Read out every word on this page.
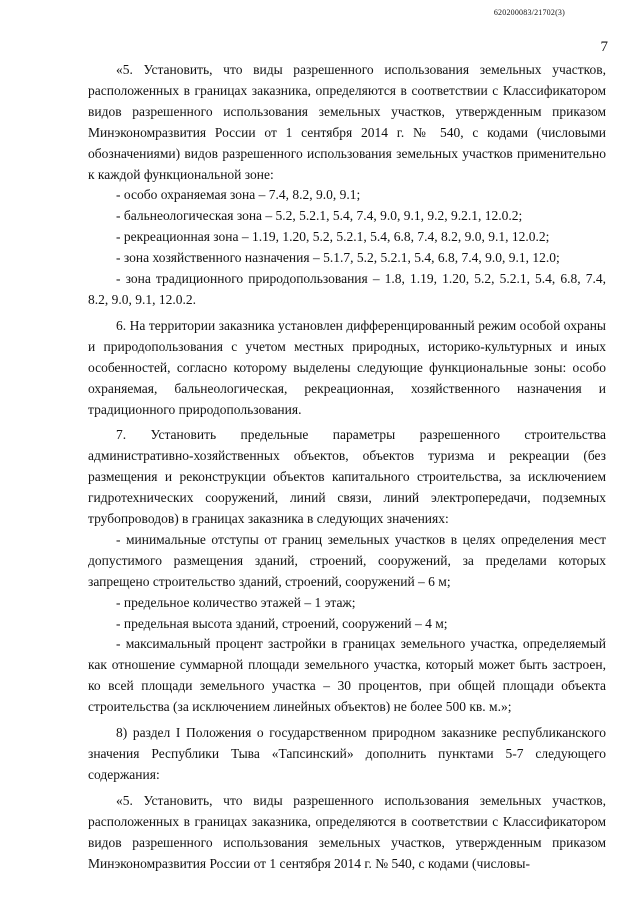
620200083/21702(3)
7

«5. Установить, что виды разрешенного использования земельных участков, расположенных в границах заказника, определяются в соответствии с Классификатором видов разрешенного использования земельных участков, утвержденным приказом Минэкономразвития России от 1 сентября 2014 г. № 540, с кодами (числовыми обозначениями) видов разрешенного использования земельных участков применительно к каждой функциональной зоне:

- особо охраняемая зона – 7.4, 8.2, 9.0, 9.1;

- бальнеологическая зона – 5.2, 5.2.1, 5.4, 7.4, 9.0, 9.1, 9.2, 9.2.1, 12.0.2;

- рекреационная зона – 1.19, 1.20, 5.2, 5.2.1, 5.4, 6.8, 7.4, 8.2, 9.0, 9.1, 12.0.2;

- зона хозяйственного назначения – 5.1.7, 5.2, 5.2.1, 5.4, 6.8, 7.4, 9.0, 9.1, 12.0;

- зона традиционного природопользования – 1.8, 1.19, 1.20, 5.2, 5.2.1, 5.4, 6.8, 7.4, 8.2, 9.0, 9.1, 12.0.2.

6. На территории заказника установлен дифференцированный режим особой охраны и природопользования с учетом местных природных, историко-культурных и иных особенностей, согласно которому выделены следующие функциональные зоны: особо охраняемая, бальнеологическая, рекреационная, хозяйственного назначения и традиционного природопользования.

7. Установить предельные параметры разрешенного строительства административно-хозяйственных объектов, объектов туризма и рекреации (без размещения и реконструкции объектов капитального строительства, за исключением гидротехнических сооружений, линий связи, линий электропередачи, подземных трубопроводов) в границах заказника в следующих значениях:

- минимальные отступы от границ земельных участков в целях определения мест допустимого размещения зданий, строений, сооружений, за пределами которых запрещено строительство зданий, строений, сооружений – 6 м;

- предельное количество этажей – 1 этаж;

- предельная высота зданий, строений, сооружений – 4 м;

- максимальный процент застройки в границах земельного участка, определяемый как отношение суммарной площади земельного участка, который может быть застроен, ко всей площади земельного участка – 30 процентов, при общей площади объекта строительства (за исключением линейных объектов) не более 500 кв. м.»;

8) раздел I Положения о государственном природном заказнике республиканского значения Республики Тыва «Тапсинский» дополнить пунктами 5-7 следующего содержания:

«5. Установить, что виды разрешенного использования земельных участков, расположенных в границах заказника, определяются в соответствии с Классификатором видов разрешенного использования земельных участков, утвержденным приказом Минэкономразвития России от 1 сентября 2014 г. № 540, с кодами (числовы-
